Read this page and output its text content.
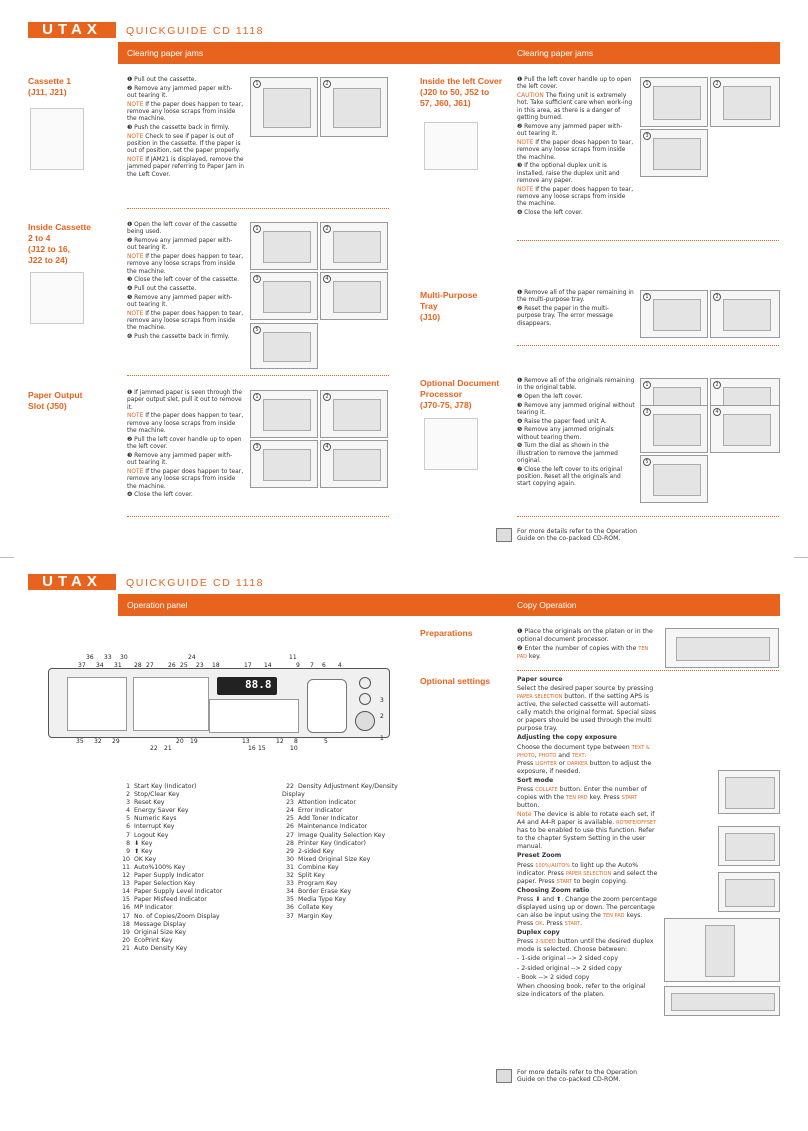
UTAX	QUICKGUIDE CD 1118
Clearing paper jams	Clearing paper jams
Cassette 1
(J11, J21)

❶ Pull out the cassette.

❷ Remove any jammed paper with-
out tearing it.

NOTE If the paper does happen to tear, remove any loose scraps from inside the machine.

❸ Push the cassette back in firmly.

NOTE Check to see if paper is out of position in the cassette. If the paper is out of position, set the paper properly.

NOTE If JAM21 is displayed, remove the jammed paper referring to Paper Jam in the Left Cover.

1	2
Inside Cassette
2 to 4
(J12 to 16,
J22 to 24)

❶ Open the left cover of the cassette being used.

❷ Remove any jammed paper with-
out tearing it.

NOTE If the paper does happen to tear, remove any loose scraps from inside the machine.

❸ Close the left cover of the cassette.

❹ Pull out the cassette.

❺ Remove any jammed paper with-
out tearing it.

NOTE If the paper does happen to tear, remove any loose scraps from inside the machine.

❻ Push the cassette back in firmly.

1	2
3	4
5
Paper Output
Slot (J50)

❶ If jammed paper is seen through the paper output slet, pull it out to remove it.

NOTE If the paper does happen to tear, remove any loose scraps from inside the machine.

❷ Pull the left cover handle up to open the left cover.

❸ Remove any jammed paper with-
out tearing it.

NOTE If the paper does happen to tear, remove any loose scraps from inside the machine.

❹ Close the left cover.

1	2
3	4
Inside the left Cover
(J20 to 50, J52 to
57, J60, J61)

❶ Pull the left cover handle up to open the left cover.

CAUTION The fixing unit is extremely hot. Take sufficient care when work-ing in this area, as there is a danger of getting burned.

❷ Remove any jammed paper with-
out tearing it.

NOTE If the paper does happen to tear, remove any loose scraps from inside the machine.

❸ If the optional duplex unit is installed, raise the duplex unit and remove any paper.

NOTE If the paper does happen to tear, remove any loose scraps from inside the machine.

❹ Close the left cover.

1	2
3
Multi-Purpose
Tray
(J10)

❶ Remove all of the paper remaining in the multi-purpose tray.

❷ Reset the paper in the multi-
purpose tray. The error message disappears.

1	2
Optional Document
Processor
(J70-75, J78)

❶ Remove all of the originals remaining in the original table.

❷ Open the left cover.

❸ Remove any jammed original without tearing it.

❹ Raise the paper feed unit A.

❺ Remove any jammed originals without tearing them.

❻ Turn the dial as shown in the illustration to remove the jammed original.

❼ Close the left cover to its original position. Reset all the originals and start copying again.

1	2
3	4
5
For more details refer to the Operation Guide on the co-packed CD-ROM.
UTAX	QUICKGUIDE CD 1118
Operation panel	Copy Operation
88.8
36 33 30	24	11
37 34 31 28 27 26 25 23 18	17 14	9 7 6 4
3
2
1
35 32 29	20 19	13	12 8	5
22 21	16 15	10
1 Start Key (Indicator)
2 Stop/Clear Key
3 Reset Key
4 Energy Saver Key
5 Numeric Keys
6 Interrupt Key
7 Logout Key
8 ⬇ Key
9 ⬆ Key
10 OK Key
11 Auto%100% Key
12 Paper Supply Indicator
13 Paper Selection Key
14 Paper Supply Level Indicator
15 Paper Misfeed Indicator
16 MP Indicator
17 No. of Copies/Zoom Display
18 Message Display
19 Original Size Key
20 EcoPrint Key
21 Auto Density Key
22 Density Adjustment Key/Density Display
23 Attention Indicator
24 Error Indicator
25 Add Toner Indicator
26 Maintenance Indicator
27 Image Quality Selection Key
28 Printer Key (Indicator)
29 2-sided Key
30 Mixed Original Size Key
31 Combine Key
32 Split Key
33 Program Key
34 Border Erase Key
35 Media Type Key
36 Collate Key
37 Margin Key
Preparations	❶ Place the originals on the platen or in the optional document processor.

❷ Enter the number of copies with the TEN PAD key.

Optional settings	Paper source

Select the desired paper source by pressing PAPER SELECTION button. If the setting APS is active, the selected cassette will automati-cally match the original format. Special sizes or papers should be used through the multi purpose tray.

Adjusting the copy exposure

Choose the document type between TEXT & PHOTO, PHOTO and TEXT.
Press LIGHTER or DARKER button to adjust the exposure, if needed.

Sort mode

Press COLLATE button. Enter the number of copies with the TEN PAD key. Press START button.

Note The device is able to rotate each set, if A4 and A4-R paper is available. ROTATE/OFFSET has to be enabled to use this function. Refer to the chapter System Setting in the user manual.

Preset Zoom

Press 100%/AUTO% to light up the Auto% indicator. Press PAPER SELECTION and select the paper. Press START to begin copying.

Choosing Zoom ratio

Press ⬇ and ⬆. Change the zoom percentage displayed using up or down. The percentage can also be input using the TEN PAD keys. Press OK. Press START.

Duplex copy

Press 2-SIDED button until the desired duplex mode is selected. Choose between:

- 1-side original --> 2 sided copy

- 2-sided original --> 2 sided copy

- Book --> 2 sided copy

When choosing book, refer to the original size indicators of the platen.

For more details refer to the Operation Guide on the co-packed CD-ROM.
